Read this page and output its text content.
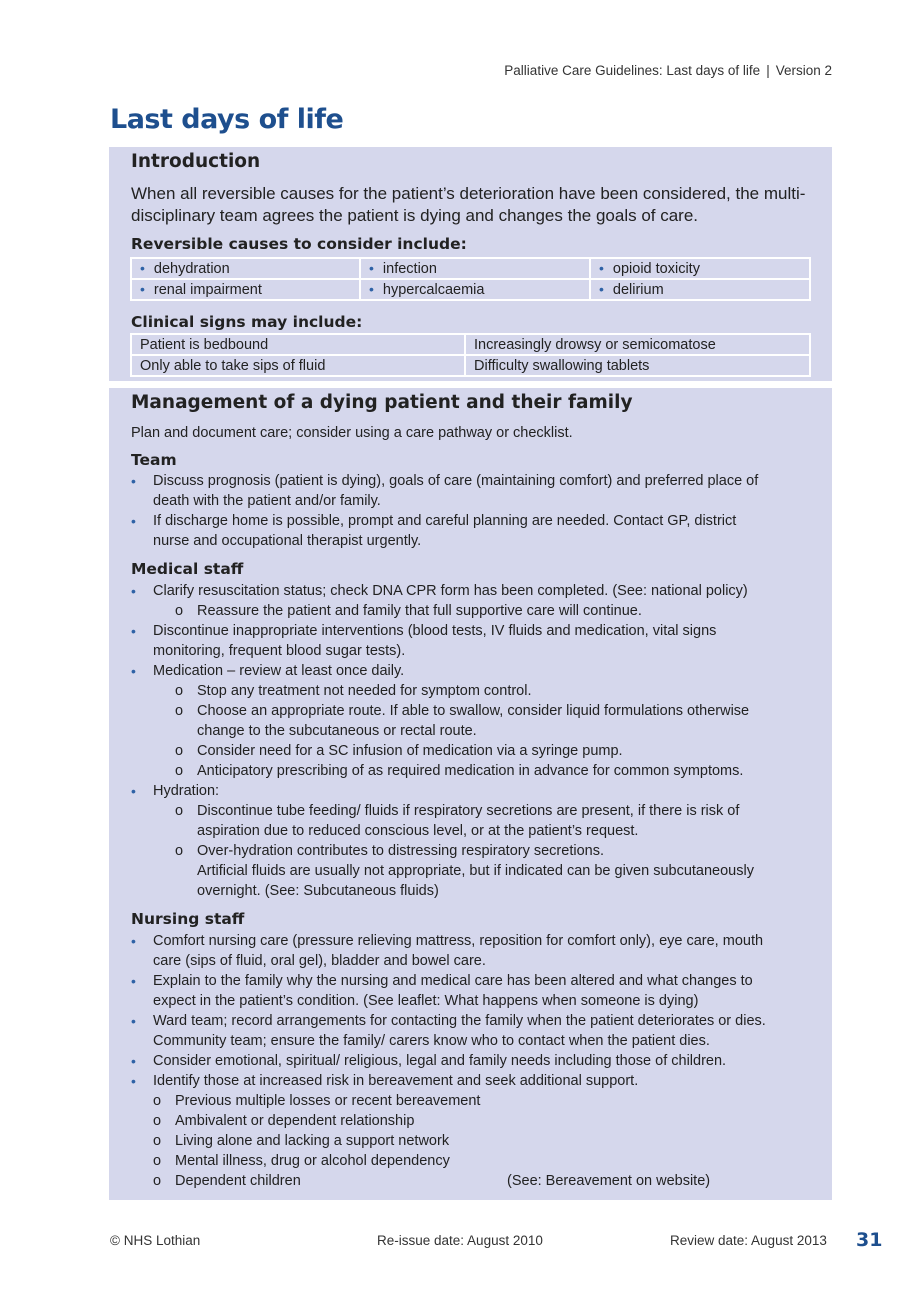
Palliative Care Guidelines: Last days of life | Version 2
Last days of life

Introduction

When all reversible causes for the patient’s deterioration have been considered, the multi-disciplinary team agrees the patient is dying and changes the goals of care.

Reversible causes to consider include:

• dehydration	• infection	• opioid toxicity
• renal impairment	• hypercalcaemia	• delirium

Clinical signs may include:

Patient is bedbound	Increasingly drowsy or semicomatose
Only able to take sips of fluid	Difficulty swallowing tablets

Management of a dying patient and their family

Plan and document care; consider using a care pathway or checklist.

Team

• Discuss prognosis (patient is dying), goals of care (maintaining comfort) and preferred place of
death with the patient and/or family.
• If discharge home is possible, prompt and careful planning are needed. Contact GP, district
nurse and occupational therapist urgently.

Medical staff

• Clarify resuscitation status; check DNA CPR form has been completed. (See: national policy)
o Reassure the patient and family that full supportive care will continue.
• Discontinue inappropriate interventions (blood tests, IV fluids and medication, vital signs
monitoring, frequent blood sugar tests).
• Medication – review at least once daily.
o Stop any treatment not needed for symptom control.
o Choose an appropriate route. If able to swallow, consider liquid formulations otherwise
change to the subcutaneous or rectal route.
o Consider need for a SC infusion of medication via a syringe pump.
o Anticipatory prescribing of as required medication in advance for common symptoms.
• Hydration:
o Discontinue tube feeding/ fluids if respiratory secretions are present, if there is risk of
aspiration due to reduced conscious level, or at the patient’s request.
o Over-hydration contributes to distressing respiratory secretions.
Artificial fluids are usually not appropriate, but if indicated can be given subcutaneously
overnight. (See: Subcutaneous fluids)

Nursing staff

• Comfort nursing care (pressure relieving mattress, reposition for comfort only), eye care, mouth
care (sips of fluid, oral gel), bladder and bowel care.
• Explain to the family why the nursing and medical care has been altered and what changes to
expect in the patient’s condition. (See leaflet: What happens when someone is dying)
• Ward team; record arrangements for contacting the family when the patient deteriorates or dies.
Community team; ensure the family/ carers know who to contact when the patient dies.
• Consider emotional, spiritual/ religious, legal and family needs including those of children.
• Identify those at increased risk in bereavement and seek additional support.
o Previous multiple losses or recent bereavement
o Ambivalent or dependent relationship
o Living alone and lacking a support network
o Mental illness, drug or alcohol dependency
o Dependent children	(See: Bereavement on website)
© NHS Lothian	Re-issue date: August 2010	Review date: August 2013 31
